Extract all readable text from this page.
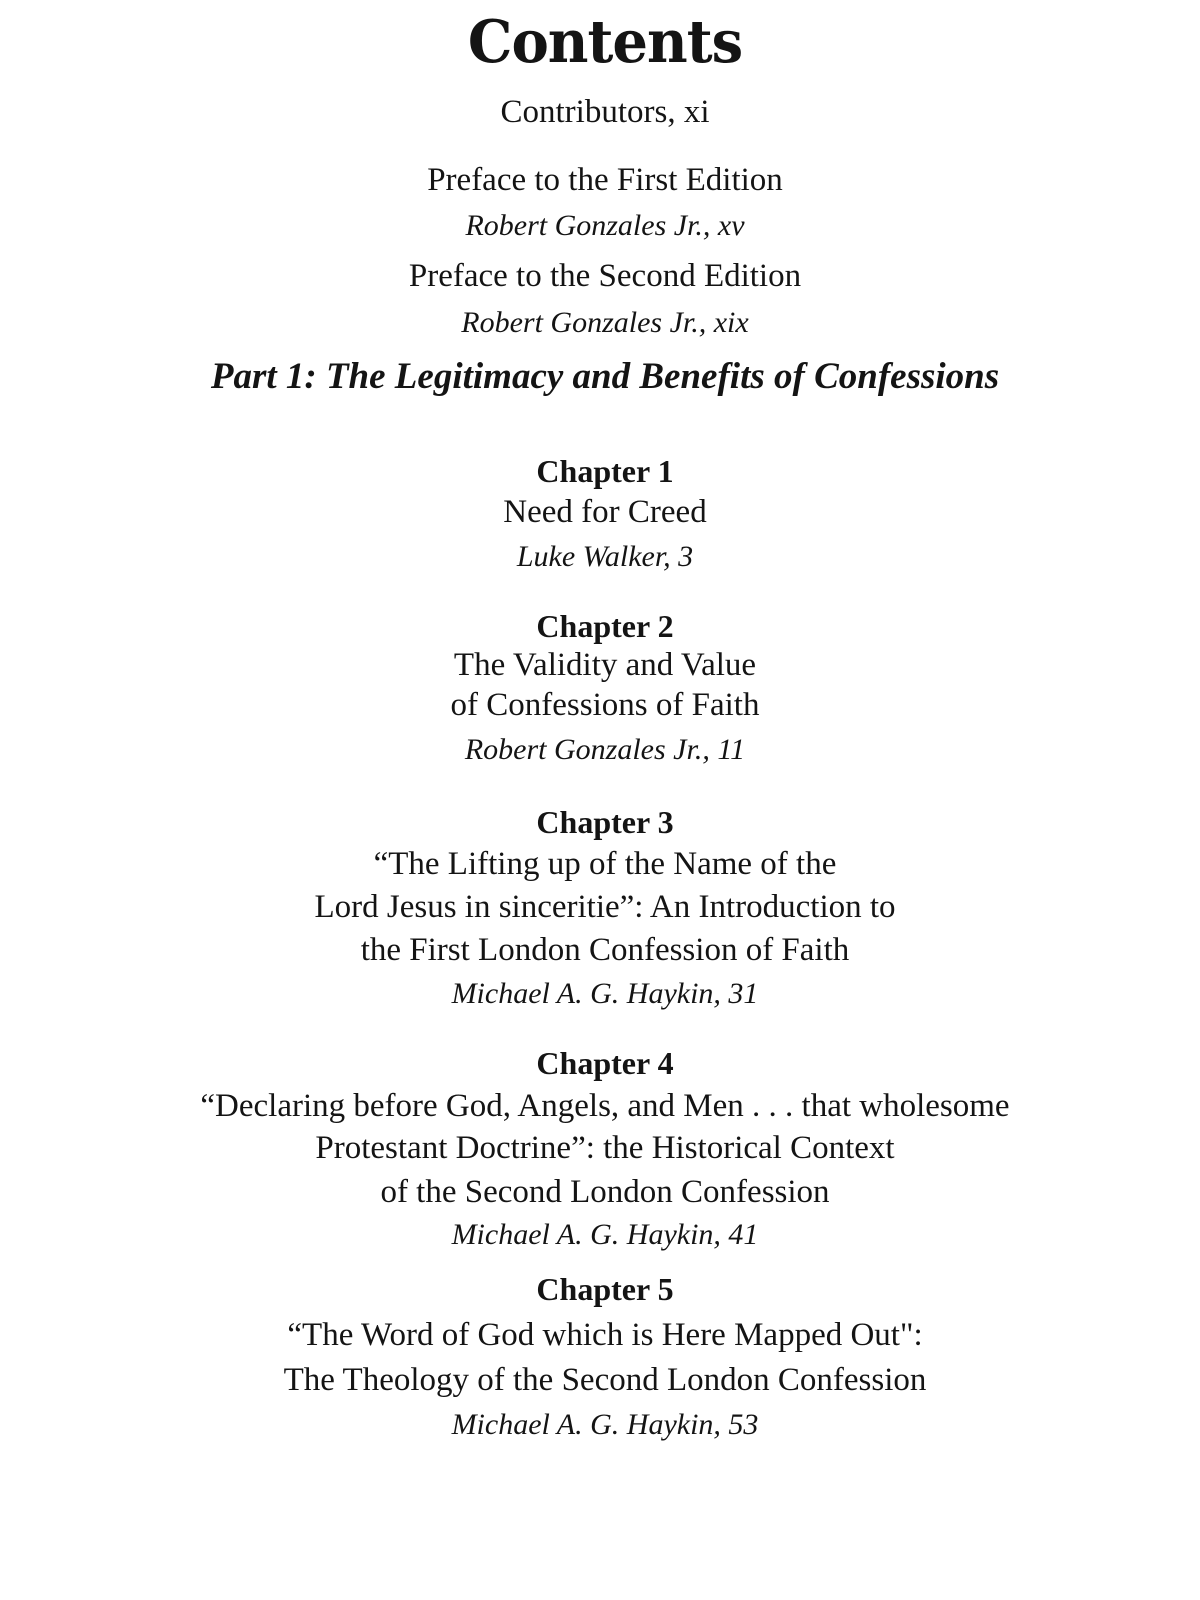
Contents
Contributors, xi
Preface to the First Edition
Robert Gonzales Jr., xv
Preface to the Second Edition
Robert Gonzales Jr., xix
Part 1: The Legitimacy and Benefits of Confessions
Chapter 1
Need for Creed
Luke Walker, 3
Chapter 2
The Validity and Value
of Confessions of Faith
Robert Gonzales Jr., 11
Chapter 3
“The Lifting up of the Name of the
Lord Jesus in sinceritie”: An Introduction to
the First London Confession of Faith
Michael A. G. Haykin, 31
Chapter 4
“Declaring before God, Angels, and Men . . . that wholesome
Protestant Doctrine”: the Historical Context
of the Second London Confession
Michael A. G. Haykin, 41
Chapter 5
“The Word of God which is Here Mapped Out":
The Theology of the Second London Confession
Michael A. G. Haykin, 53
